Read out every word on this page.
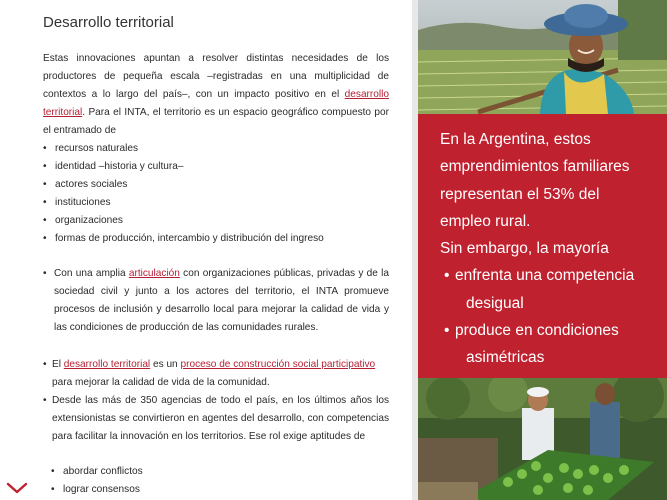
Desarrollo territorial
Estas innovaciones apuntan a resolver distintas necesidades de los productores de pequeña escala –registradas en una multiplicidad de contextos a lo largo del país–, con un impacto positivo en el desarrollo territorial. Para el INTA, el territorio es un espacio geográfico compuesto por el entramado de
• recursos naturales
• identidad –historia y cultura–
• actores sociales
• instituciones
• organizaciones
• formas de producción, intercambio y distribución del ingreso
• Con una amplia articulación con organizaciones públicas, privadas y de la sociedad civil y junto a los actores del territorio, el INTA promueve procesos de inclusión y desarrollo local para mejorar la calidad de vida y las condiciones de producción de las comunidades rurales.
• El desarrollo territorial es un proceso de construcción social participativo para mejorar la calidad de vida de la comunidad.
• Desde las más de 350 agencias de todo el país, en los últimos años los extensionistas se convirtieron en agentes del desarrollo, con competencias para facilitar la innovación en los territorios. Ese rol exige aptitudes de
• abordar conflictos
• lograr consensos
En la Argentina, estos
emprendimientos familiares
representan el 53% del
empleo rural.
Sin embargo, la mayoría
• enfrenta una competencia
desigual
• produce en condiciones
asimétricas
